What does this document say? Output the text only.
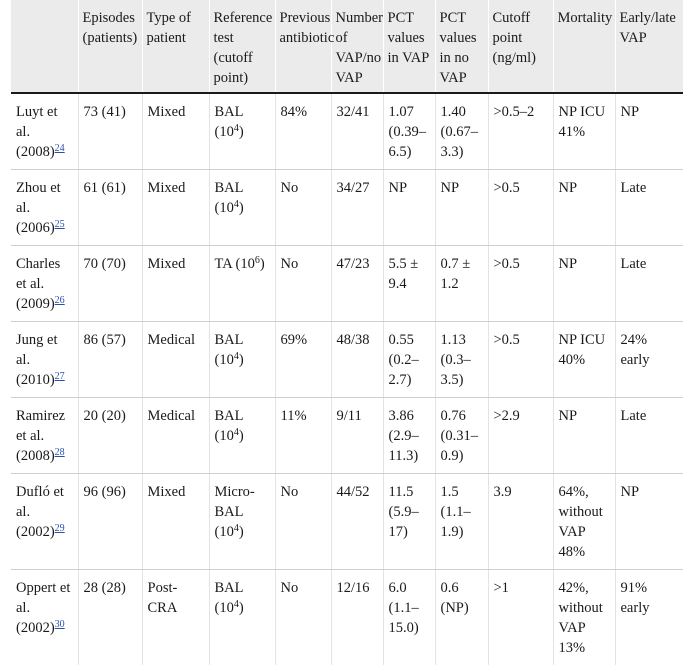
	Episodes (patients)	Type of patient	Reference test (cutoff point)	Previous antibiotic	Number of VAP/no VAP	PCT values in VAP	PCT values in no VAP	Cutoff point (ng/ml)	Mortality	Early/late VAP
Luyt et al. (2008)$^{24}$	73 (41)	Mixed	BAL $(10^4)$	84%	32/41	1.07 (0.39–6.5)	1.40 (0.67–3.3)	>0.5–2	NP ICU 41%	NP
Zhou et al. (2006)$^{25}$	61 (61)	Mixed	BAL $(10^4)$	No	34/27	NP	NP	>0.5	NP	Late
Charles et al. (2009)$^{26}$	70 (70)	Mixed	TA $(10^6)$	No	47/23	5.5 ± 9.4	0.7 ± 1.2	>0.5	NP	Late
Jung et al. (2010)$^{27}$	86 (57)	Medical	BAL $(10^4)$	69%	48/38	0.55 (0.2–2.7)	1.13 (0.3–3.5)	>0.5	NP ICU 40%	24% early
Ramirez et al. (2008)$^{28}$	20 (20)	Medical	BAL $(10^4)$	11%	9/11	3.86 (2.9–11.3)	0.76 (0.31–0.9)	>2.9	NP	Late
Dufló et al. (2002)$^{29}$	96 (96)	Mixed	Micro-BAL $(10^4)$	No	44/52	11.5 (5.9–17)	1.5 (1.1–1.9)	3.9	64%, without VAP 48%	NP
Oppert et al. (2002)$^{30}$	28 (28)	Post-CRA	BAL $(10^4)$	No	12/16	6.0 (1.1–15.0)	0.6 (NP)	>1	42%, without VAP 13%	91% early
